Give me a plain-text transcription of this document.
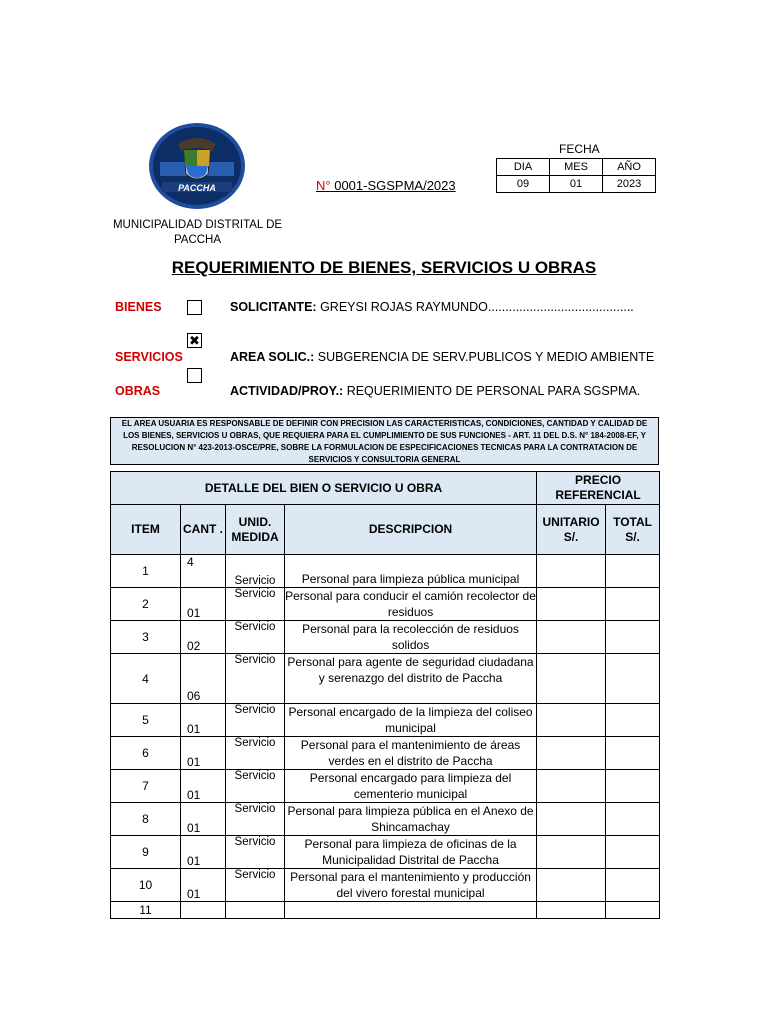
PACCHA
MUNICIPALIDAD DISTRITAL DE PACCHA
N° 0001-SGSPMA/2023
FECHA
DIA	MES	AÑO
09	01	2023
REQUERIMIENTO DE BIENES, SERVICIOS U OBRAS
BIENES
✖
SERVICIOS
OBRAS
SOLICITANTE: GREYSI ROJAS RAYMUNDO..........................................
AREA SOLIC.: SUBGERENCIA DE SERV.PUBLICOS Y MEDIO AMBIENTE
ACTIVIDAD/PROY.: REQUERIMIENTO DE PERSONAL PARA SGSPMA.
EL AREA USUARIA ES RESPONSABLE DE DEFINIR CON PRECISION LAS CARACTERISTICAS, CONDICIONES, CANTIDAD Y CALIDAD DE LOS BIENES, SERVICIOS U OBRAS, QUE REQUIERA PARA EL CUMPLIMIENTO DE SUS FUNCIONES - ART. 11 DEL D.S. N° 184-2008-EF, Y RESOLUCION N° 423-2013-OSCE/PRE, SOBRE LA FORMULACION DE ESPECIFICACIONES TECNICAS PARA LA CONTRATACION DE SERVICIOS Y CONSULTORIA GENERAL
DETALLE DEL BIEN O SERVICIO U OBRA				PRECIO REFERENCIAL	
ITEM	CANT .	UNID. MEDIDA	DESCRIPCION	UNITARIO S/.	TOTAL S/.
1	4	Servicio	Personal para limpieza pública municipal		
2	01	Servicio	Personal para conducir el camión recolector de residuos		
3	02	Servicio	Personal para la recolección de residuos solidos		
4	06	Servicio	Personal para agente de seguridad ciudadana y serenazgo del distrito de Paccha		
5	01	Servicio	Personal encargado de la limpieza del coliseo municipal		
6	01	Servicio	Personal para el mantenimiento de áreas verdes en el distrito de Paccha		
7	01	Servicio	Personal encargado para limpieza del cementerio municipal		
8	01	Servicio	Personal para limpieza pública en el Anexo de Shincamachay		
9	01	Servicio	Personal para limpieza de oficinas de la Municipalidad Distrital de Paccha		
10	01	Servicio	Personal para el mantenimiento y producción del vivero forestal municipal		
11					
